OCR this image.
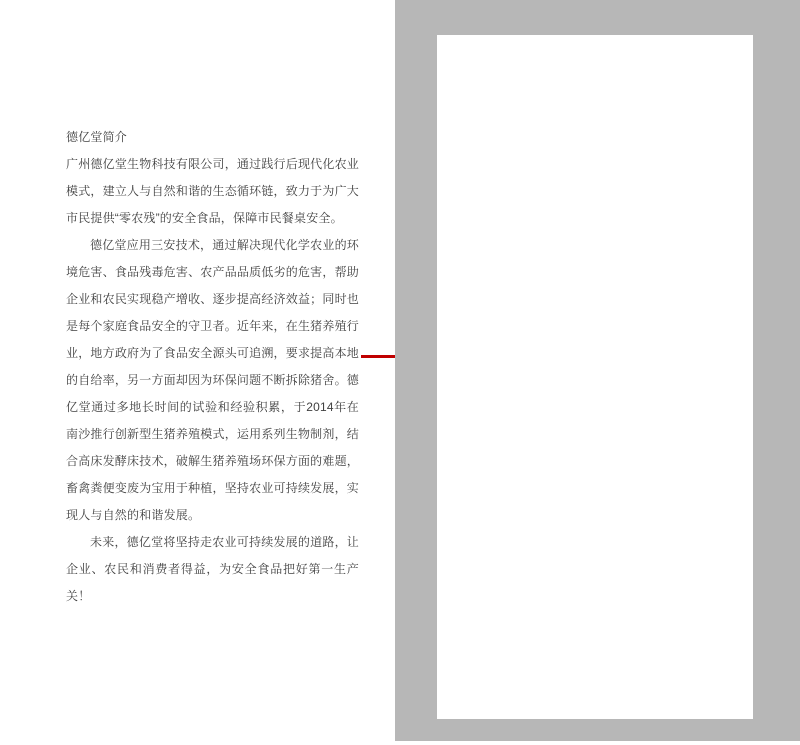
德亿堂简介

广州德亿堂生物科技有限公司，通过践行后现代化农业模式，建立人与自然和谐的生态循环链，致力于为广大市民提供“零农残”的安全食品，保障市民餐桌安全。

德亿堂应用三安技术，通过解决现代化学农业的环境危害、食品残毒危害、农产品品质低劣的危害，帮助企业和农民实现稳产增收、逐步提高经济效益；同时也是每个家庭食品安全的守卫者。近年来，在生猪养殖行业，地方政府为了食品安全源头可追溯，要求提高本地的自给率，另一方面却因为环保问题不断拆除猪舍。德亿堂通过多地长时间的试验和经验积累，于2014年在南沙推行创新型生猪养殖模式，运用系列生物制剂，结合高床发酵床技术，破解生猪养殖场环保方面的难题，畜禽粪便变废为宝用于种植，坚持农业可持续发展，实现人与自然的和谐发展。

未来，德亿堂将坚持走农业可持续发展的道路，让企业、农民和消费者得益，为安全食品把好第一生产关！
